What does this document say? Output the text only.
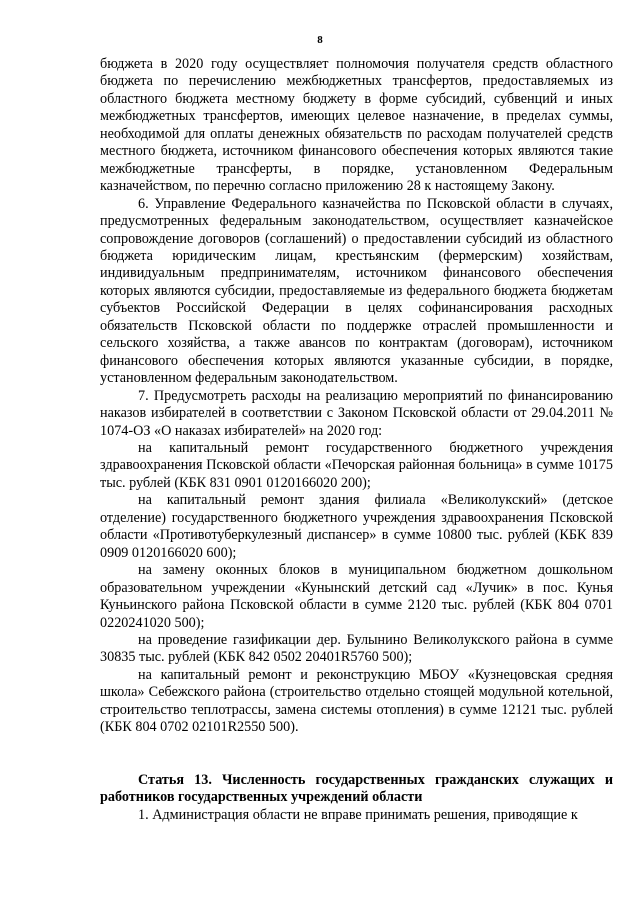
8

бюджета в 2020 году осуществляет полномочия получателя средств областного бюджета по перечислению межбюджетных трансфертов, предоставляемых из областного бюджета местному бюджету в форме субсидий, субвенций и иных межбюджетных трансфертов, имеющих целевое назначение, в пределах суммы, необходимой для оплаты денежных обязательств по расходам получателей средств местного бюджета, источником финансового обеспечения которых являются такие межбюджетные трансферты, в порядке, установленном Федеральным казначейством, по перечню согласно приложению 28 к настоящему Закону.

6. Управление Федерального казначейства по Псковской области в случаях, предусмотренных федеральным законодательством, осуществляет казначейское сопровождение договоров (соглашений) о предоставлении субсидий из областного бюджета юридическим лицам, крестьянским (фермерским) хозяйствам, индивидуальным предпринимателям, источником финансового обеспечения которых являются субсидии, предоставляемые из федерального бюджета бюджетам субъектов Российской Федерации в целях софинансирования расходных обязательств Псковской области по поддержке отраслей промышленности и сельского хозяйства, а также авансов по контрактам (договорам), источником финансового обеспечения которых являются указанные субсидии, в порядке, установленном федеральным законодательством.

7. Предусмотреть расходы на реализацию мероприятий по финансированию наказов избирателей в соответствии с Законом Псковской области от 29.04.2011 № 1074-ОЗ «О наказах избирателей» на 2020 год:

на капитальный ремонт государственного бюджетного учреждения здравоохранения Псковской области «Печорская районная больница» в сумме 10175 тыс. рублей (КБК 831 0901 0120166020 200);

на капитальный ремонт здания филиала «Великолукский» (детское отделение) государственного бюджетного учреждения здравоохранения Псковской области «Противотуберкулезный диспансер» в сумме 10800 тыс. рублей (КБК 839 0909 0120166020 600);

на замену оконных блоков в муниципальном бюджетном дошкольном образовательном учреждении «Кунынский детский сад «Лучик» в пос. Кунья Куньинского района Псковской области в сумме 2120 тыс. рублей (КБК 804 0701 0220241020 500);

на проведение газификации дер. Булынино Великолукского района в сумме 30835 тыс. рублей (КБК 842 0502 20401R5760 500);

на капитальный ремонт и реконструкцию МБОУ «Кузнецовская средняя школа» Себежского района (строительство отдельно стоящей модульной котельной, строительство теплотрассы, замена системы отопления) в сумме 12121 тыс. рублей (КБК 804 0702 02101R2550 500).

Статья 13. Численность государственных гражданских служащих и работников государственных учреждений области

1. Администрация области не вправе принимать решения, приводящие к
